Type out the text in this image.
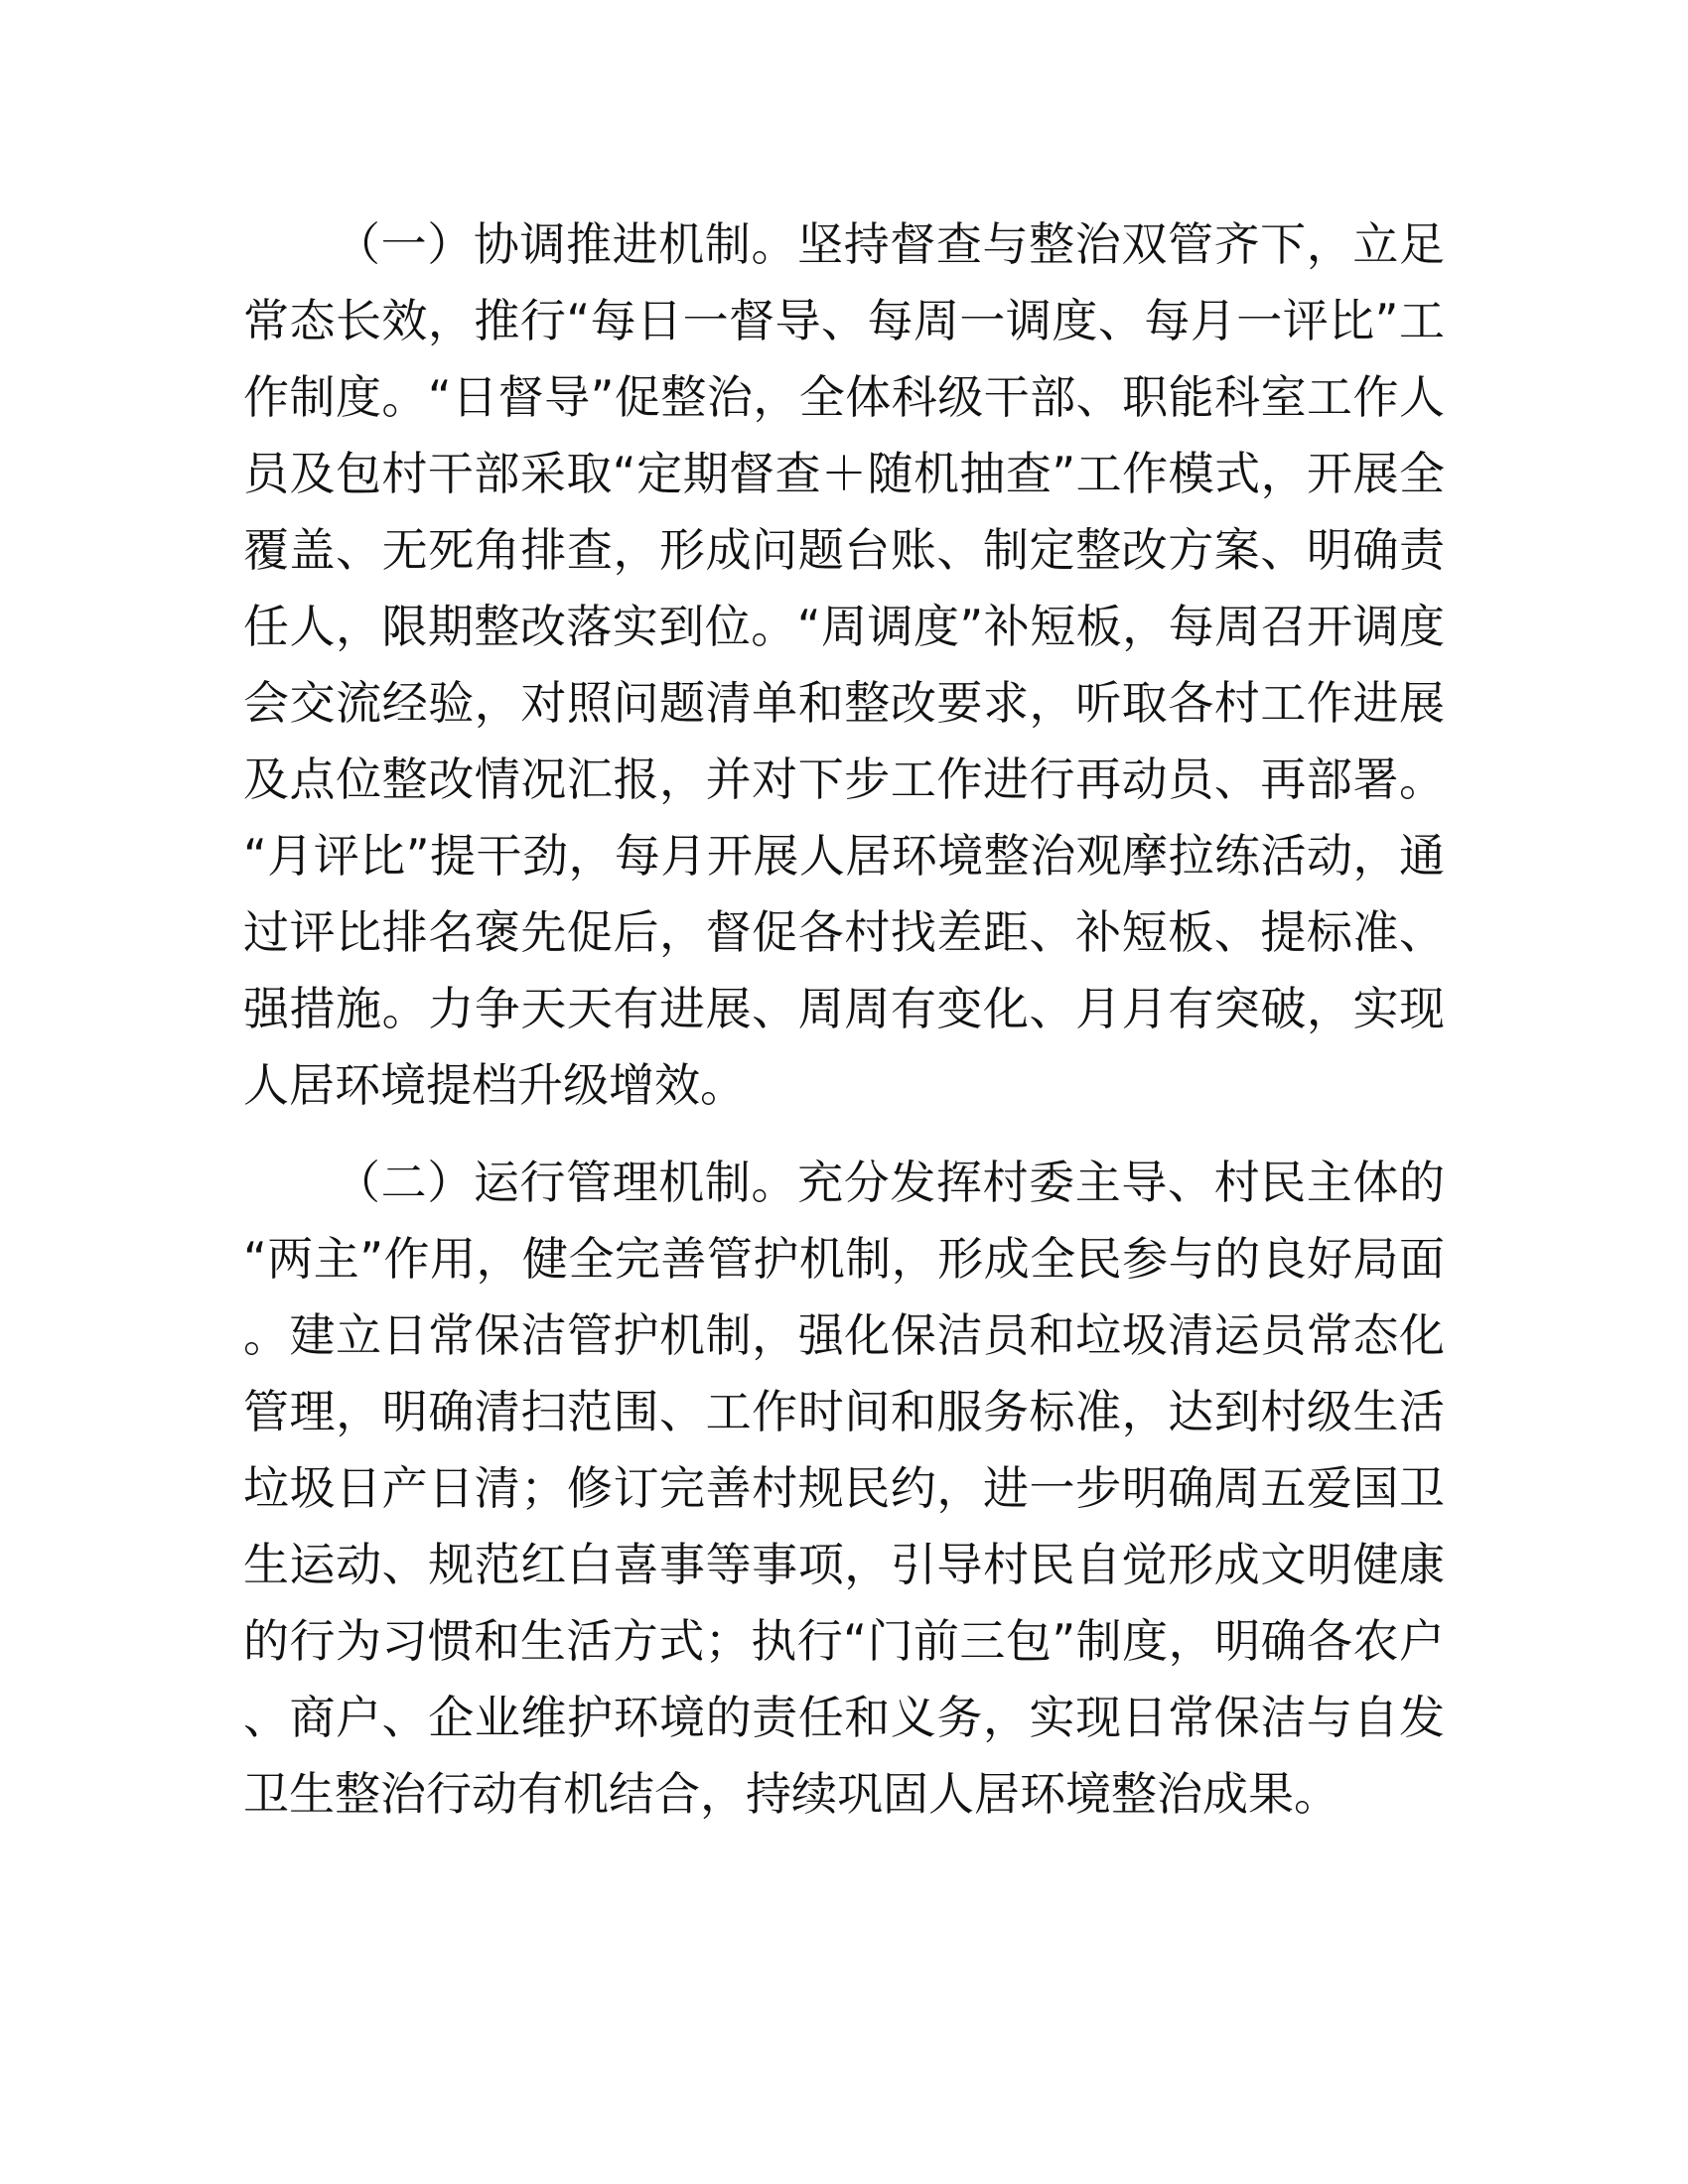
（一）协调推进机制。坚持督查与整治双管齐下，立足常态长效，推行“每日一督导、每周一调度、每月一评比”工作制度。“日督导”促整治，全体科级干部、职能科室工作人员及包村干部采取“定期督查＋随机抽查”工作模式，开展全覆盖、无死角排查，形成问题台账、制定整改方案、明确责任人，限期整改落实到位。“周调度”补短板，每周召开调度会交流经验，对照问题清单和整改要求，听取各村工作进展及点位整改情况汇报，并对下步工作进行再动员、再部署。“月评比”提干劲，每月开展人居环境整治观摩拉练活动，通过评比排名褒先促后，督促各村找差距、补短板、提标准、强措施。力争天天有进展、周周有变化、月月有突破，实现人居环境提档升级增效。

（二）运行管理机制。充分发挥村委主导、村民主体的“两主”作用，健全完善管护机制，形成全民参与的良好局面。建立日常保洁管护机制，强化保洁员和垃圾清运员常态化管理，明确清扫范围、工作时间和服务标准，达到村级生活垃圾日产日清；修订完善村规民约，进一步明确周五爱国卫生运动、规范红白喜事等事项，引导村民自觉形成文明健康的行为习惯和生活方式；执行“门前三包”制度，明确各农户、商户、企业维护环境的责任和义务，实现日常保洁与自发卫生整治行动有机结合，持续巩固人居环境整治成果。
